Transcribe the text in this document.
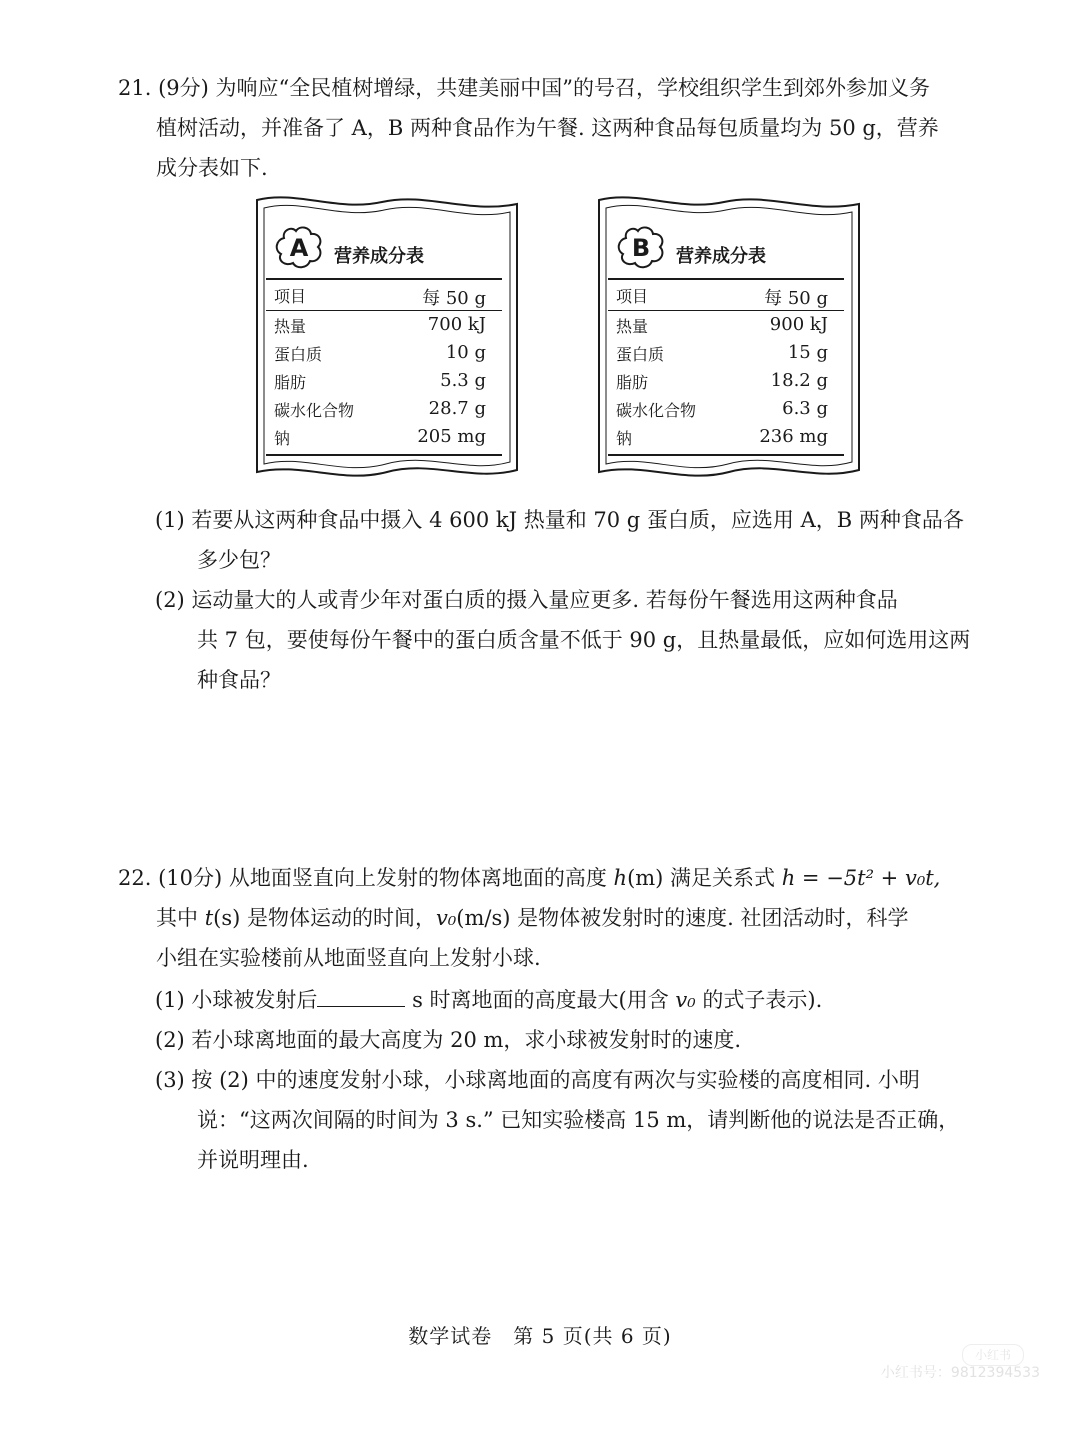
21. (9分) 为响应“全民植树增绿，共建美丽中国”的号召，学校组织学生到郊外参加义务
植树活动，并准备了 A，B 两种食品作为午餐. 这两种食品每包质量均为 50 g，营养
成分表如下.
A 营养成分表
项目	每 50 g
热量	700 kJ
蛋白质	10 g
脂肪	5.3 g
碳水化合物	28.7 g
钠	205 mg
B 营养成分表
项目	每 50 g
热量	900 kJ
蛋白质	15 g
脂肪	18.2 g
碳水化合物	6.3 g
钠	236 mg
(1) 若要从这两种食品中摄入 4 600 kJ 热量和 70 g 蛋白质，应选用 A，B 两种食品各
多少包？
(2) 运动量大的人或青少年对蛋白质的摄入量应更多. 若每份午餐选用这两种食品
共 7 包，要使每份午餐中的蛋白质含量不低于 90 g，且热量最低，应如何选用这两
种食品？
22. (10分) 从地面竖直向上发射的物体离地面的高度 h(m) 满足关系式 h = −5t² + v₀t,
其中 t(s) 是物体运动的时间，v₀(m/s) 是物体被发射时的速度. 社团活动时，科学
小组在实验楼前从地面竖直向上发射小球.
(1) 小球被发射后	s 时离地面的高度最大(用含 v₀ 的式子表示).
(2) 若小球离地面的最大高度为 20 m，求小球被发射时的速度.
(3) 按 (2) 中的速度发射小球，小球离地面的高度有两次与实验楼的高度相同. 小明
说：“这两次间隔的时间为 3 s.” 已知实验楼高 15 m，请判断他的说法是否正确，
并说明理由.
数学试卷　第 5 页(共 6 页)
小红书
小红书号：9812394533
